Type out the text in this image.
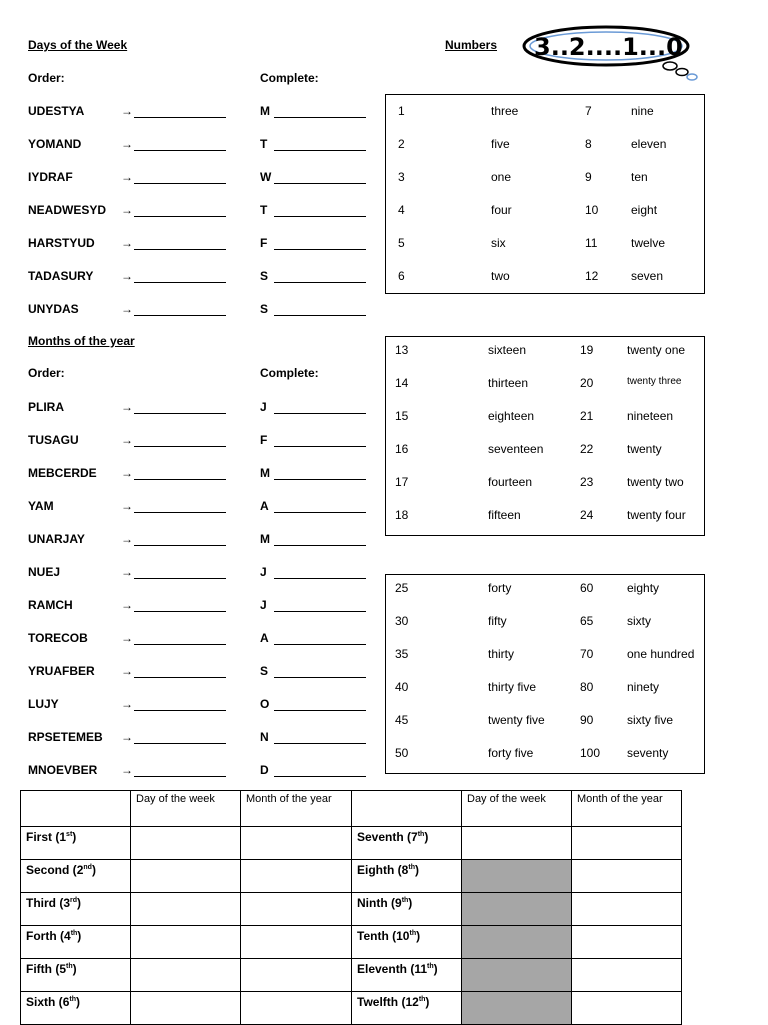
Days of the Week
Order:	Complete:
UDESTYA	→	M
YOMAND	→	T
IYDRAF	→	W
NEADWESYD →	T
HARSTYUD →	F
TADASURY →	S
UNYDAS	→	S
Months of the year
Order:	Complete:
PLIRA	→	J
TUSAGU	→	F
MEBCERDE →	M
YAM	→	A
UNARJAY	→	M
NUEJ	→	J
RAMCH	→	J
TORECOB	→	A
YRUAFBER →	S
LUJY	→	O
RPSETEMEB →	N
MNOEVBER →	D
Numbers 3..2....1...0
1	three	7	nine
2	five	8	eleven
3	one	9	ten
4	four	10	eight
5	six	11	twelve
6	two	12	seven
13	sixteen	19	twenty one
14	thirteen	20	twenty three
15	eighteen	21	nineteen
16	seventeen	22	twenty
17	fourteen	23	twenty two
18	fifteen	24	twenty four
25	forty	60	eighty
30	fifty	65	sixty
35	thirty	70	one hundred
40	thirty five	80	ninety
45	twenty five	90	sixty five
50	forty five	100 seventy
	Day of the week	Month of the year		Day of the week	Month of the year
First (1st)			Seventh (7th)		
Second (2nd)			Eighth (8th)		
Third (3rd)			Ninth (9th)		
Forth (4th)			Tenth (10th)		
Fifth (5th)			Eleventh (11th)		
Sixth (6th)			Twelfth (12th)		
